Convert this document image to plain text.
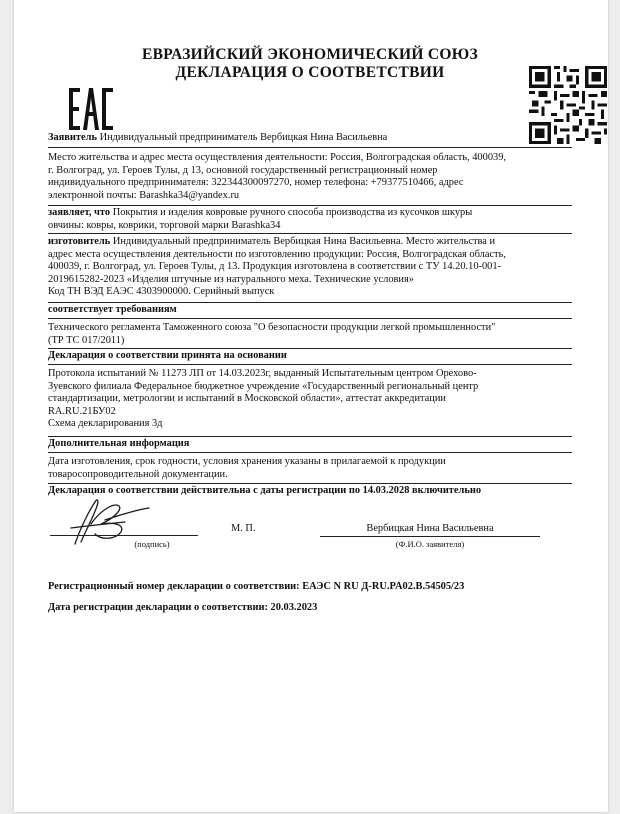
ЕВРАЗИЙСКИЙ ЭКОНОМИЧЕСКИЙ СОЮЗ
ДЕКЛАРАЦИЯ О СООТВЕТСТВИИ
Заявитель Индивидуальный предприниматель Вербицкая Нина Васильевна
Место жительства и адрес места осуществления деятельности: Россия, Волгоградская область, 400039,
г. Волгоград, ул. Героев Тулы, д 13, основной государственный регистрационный номер
индивидуального предпринимателя: 322344300097270, номер телефона: +79377510466, адрес
электронной почты: Barashka34@yandex.ru
заявляет, что Покрытия и изделия ковровые ручного способа производства из кусочков шкуры
овчины: ковры, коврики, торговой марки Barashka34
изготовитель Индивидуальный предприниматель Вербицкая Нина Васильевна. Место жительства и
адрес места осуществления деятельности по изготовлению продукции: Россия, Волгоградская область,
400039, г. Волгоград, ул. Героев Тулы, д 13. Продукция изготовлена в соответствии с ТУ 14.20.10-001-
2019615282-2023 «Изделия штучные из натурального меха. Технические условия»
Код ТН ВЭД ЕАЭС 4303900000. Серийный выпуск
соответствует требованиям
Технического регламента Таможенного союза "О безопасности продукции легкой промышленности"
(ТР ТС 017/2011)
Декларация о соответствии принята на основании
Протокола испытаний № 11273 ЛП от 14.03.2023г, выданный Испытательным центром Орехово-
Зуевского филиала Федеральное бюджетное учреждение «Государственный региональный центр
стандартизации, метрологии и испытаний в Московской области», аттестат аккредитации
RA.RU.21БУ02
Схема декларирования 3д
Дополнительная информация
Дата изготовления, срок годности, условия хранения указаны в прилагаемой к продукции
товаросопроводительной документации.
Декларация о соответствии действительна с даты регистрации по 14.03.2028 включительно
М. П.	Вербицкая Нина Васильевна
(подпись)	(Ф.И.О. заявителя)
Регистрационный номер декларации о соответствии: ЕАЭС N RU Д-RU.PA02.B.54505/23
Дата регистрации декларации о соответствии: 20.03.2023
